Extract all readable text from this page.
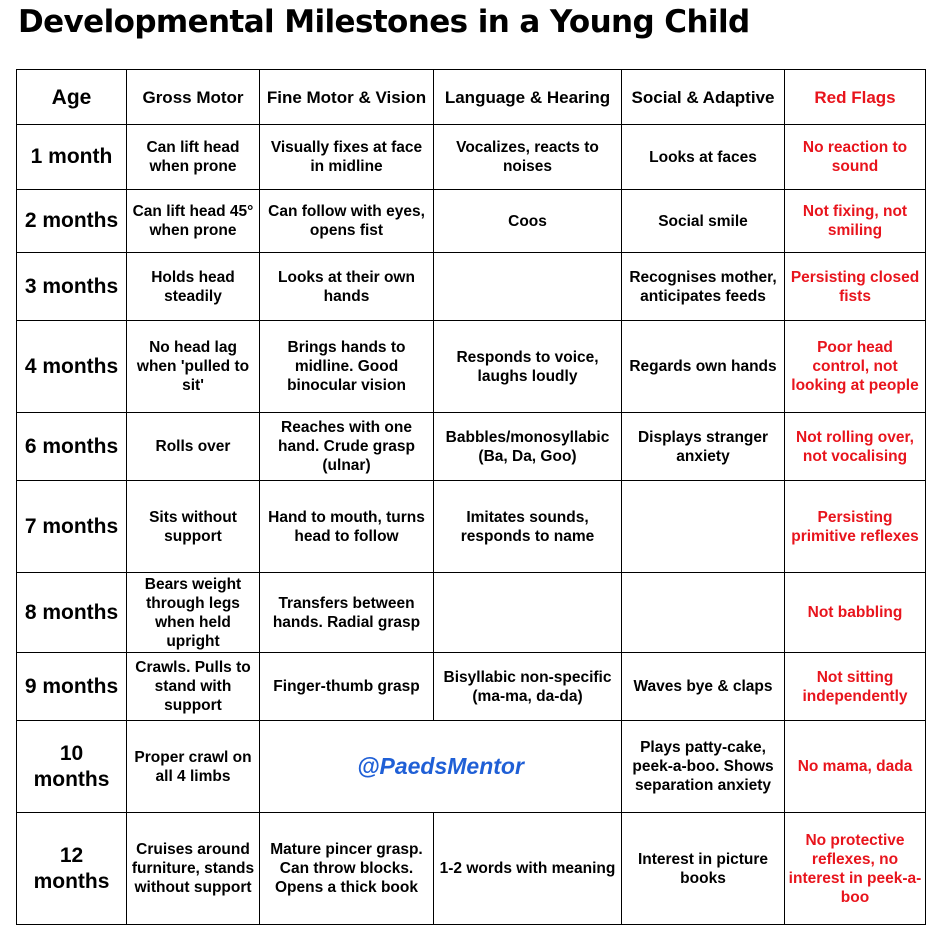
Developmental Milestones in a Young Child
Age	Gross Motor	Fine Motor & Vision	Language & Hearing	Social & Adaptive	Red Flags
1 month	Can lift head when prone	Visually fixes at face in midline	Vocalizes, reacts to noises	Looks at faces	No reaction to sound
2 months	Can lift head 45° when prone	Can follow with eyes, opens fist	Coos	Social smile	Not fixing, not smiling
3 months	Holds head steadily	Looks at their own hands		Recognises mother, anticipates feeds	Persisting closed fists
4 months	No head lag when 'pulled to sit'	Brings hands to midline. Good binocular vision	Responds to voice, laughs loudly	Regards own hands	Poor head control, not looking at people
6 months	Rolls over	Reaches with one hand. Crude grasp (ulnar)	Babbles/monosyllabic (Ba, Da, Goo)	Displays stranger anxiety	Not rolling over, not vocalising
7 months	Sits without support	Hand to mouth, turns head to follow	Imitates sounds, responds to name		Persisting primitive reflexes
8 months	Bears weight through legs when held upright	Transfers between hands. Radial grasp			Not babbling
9 months	Crawls. Pulls to stand with support	Finger-thumb grasp	Bisyllabic non-specific (ma-ma, da-da)	Waves bye & claps	Not sitting independently
10 months	Proper crawl on all 4 limbs	@PaedsMentor		Plays patty-cake, peek-a-boo. Shows separation anxiety	No mama, dada
12 months	Cruises around furniture, stands without support	Mature pincer grasp. Can throw blocks. Opens a thick book	1-2 words with meaning	Interest in picture books	No protective reflexes, no interest in peek-a-boo
